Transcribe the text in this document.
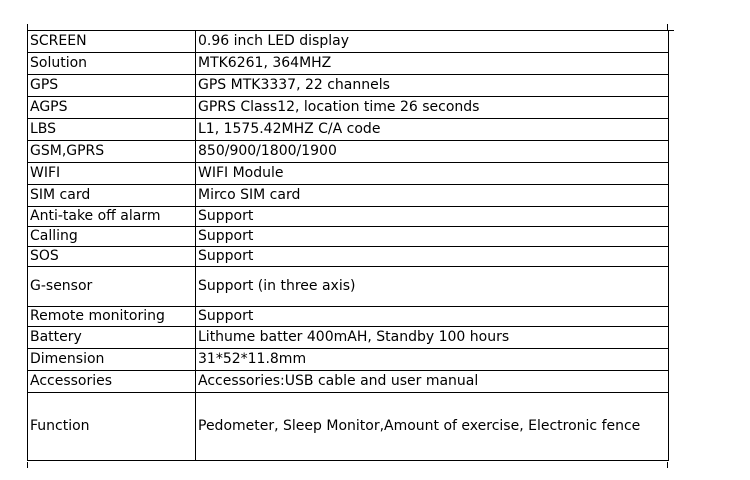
SCREEN	0.96 inch LED display
Solution	MTK6261, 364MHZ
GPS	GPS MTK3337, 22 channels
AGPS	GPRS Class12, location time 26 seconds
LBS	L1, 1575.42MHZ C/A code
GSM,GPRS	850/900/1800/1900
WIFI	WIFI Module
SIM card	Mirco SIM card
Anti-take off alarm	Support
Calling	Support
SOS	Support
G-sensor	Support (in three axis)
Remote monitoring	Support
Battery	Lithume batter 400mAH, Standby 100 hours
Dimension	31*52*11.8mm
Accessories	Accessories:USB cable and user manual
Function	Pedometer, Sleep Monitor,Amount of exercise, Electronic fence
